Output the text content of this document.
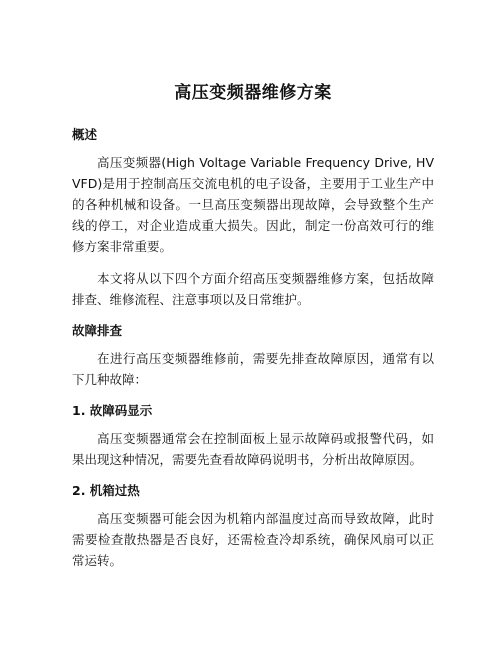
高压变频器维修方案
概述
高压变频器(High Voltage Variable Frequency Drive, HV VFD)是用于控制高压交流电机的电子设备，主要用于工业生产中的各种机械和设备。一旦高压变频器出现故障，会导致整个生产线的停工，对企业造成重大损失。因此，制定一份高效可行的维修方案非常重要。
本文将从以下四个方面介绍高压变频器维修方案，包括故障排查、维修流程、注意事项以及日常维护。
故障排查
在进行高压变频器维修前，需要先排查故障原因，通常有以下几种故障：
1. 故障码显示
高压变频器通常会在控制面板上显示故障码或报警代码，如果出现这种情况，需要先查看故障码说明书，分析出故障原因。
2. 机箱过热
高压变频器可能会因为机箱内部温度过高而导致故障，此时需要检查散热器是否良好，还需检查冷却系统，确保风扇可以正常运转。
